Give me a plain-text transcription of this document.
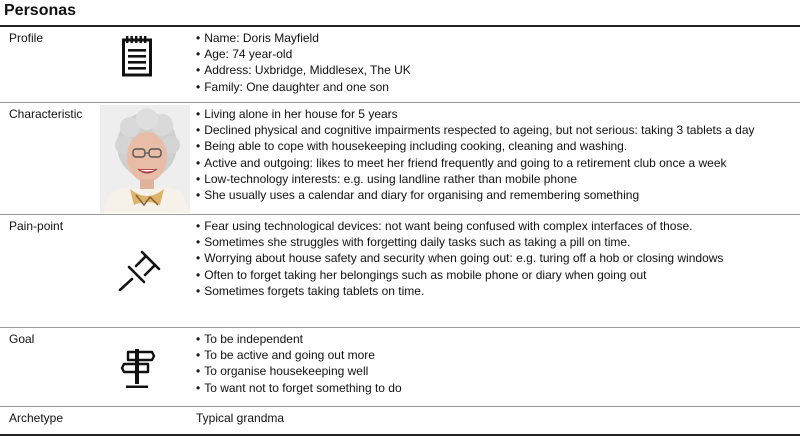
Personas
Profile	• Name: Doris Mayfield
• Age: 74 year-old
• Address: Uxbridge, Middlesex, The UK
• Family: One daughter and one son
Characteristic	• Living alone in her house for 5 years
• Declined physical and cognitive impairments respected to ageing, but not serious: taking 3 tablets a day
• Being able to cope with housekeeping including cooking, cleaning and washing.
• Active and outgoing: likes to meet her friend frequently and going to a retirement club once a week
• Low-technology interests: e.g. using landline rather than mobile phone
• She usually uses a calendar and diary for organising and remembering something
Pain-point	• Fear using technological devices: not want being confused with complex interfaces of those.
• Sometimes she struggles with forgetting daily tasks such as taking a pill on time.
• Worrying about house safety and security when going out: e.g. turing off a hob or closing windows
• Often to forget taking her belongings such as mobile phone or diary when going out
• Sometimes forgets taking tablets on time.
Goal	• To be independent
• To be active and going out more
• To organise housekeeping well
• To want not to forget something to do
Archetype	Typical grandma
